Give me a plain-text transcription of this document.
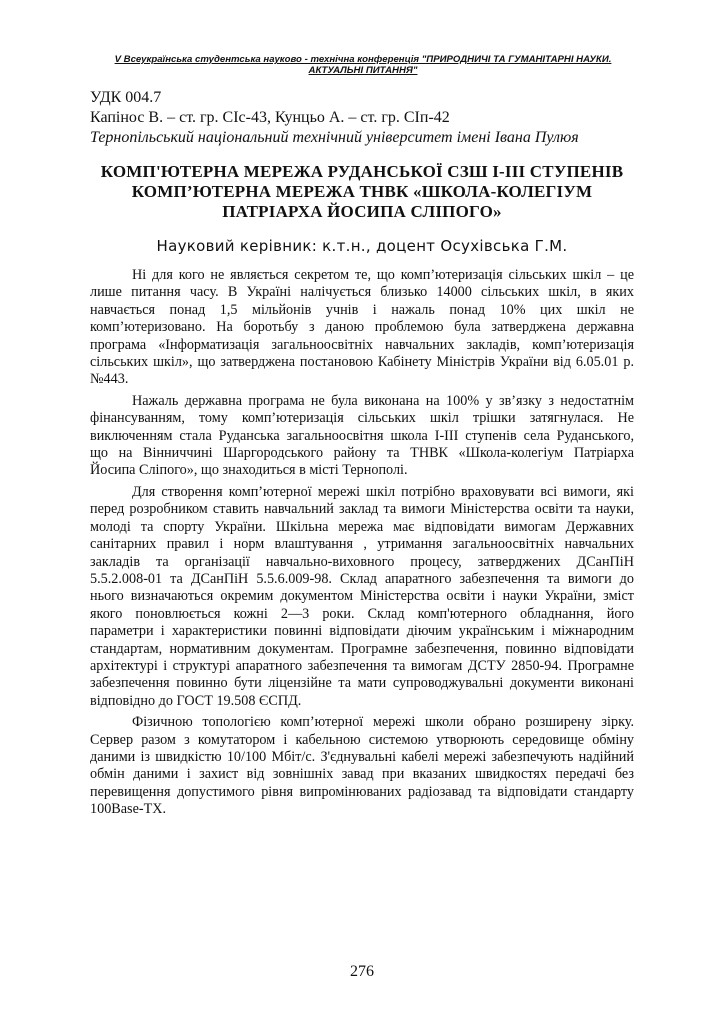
V Всеукраїнська студентська науково - технічна конференція "ПРИРОДНИЧІ ТА ГУМАНІТАРНІ НАУКИ.
АКТУАЛЬНІ ПИТАННЯ"
УДК 004.7
Капінос В. – ст. гр. СІс-43, Кунцьо А. – ст. гр. СІп-42
Тернопільський національний технічний університет імені Івана Пулюя
КОМП'ЮТЕРНА МЕРЕЖА РУДАНСЬКОЇ СЗШ І-ІІІ СТУПЕНІВ
КОМП’ЮТЕРНА МЕРЕЖА ТНВК «ШКОЛА-КОЛЕГІУМ
ПАТРІАРХА ЙОСИПА СЛІПОГО»
Науковий керівник: к.т.н., доцент Осухівська Г.М.
Ні для кого не являється секретом те, що комп’ютеризація сільських шкіл – це
лише питання часу. В Україні налічується близько 14000 сільських шкіл, в яких
навчається понад 1,5 мільйонів учнів і нажаль понад 10% цих шкіл не
комп’ютеризовано. На боротьбу з даною проблемою була затверджена державна
програма «Інформатизація загальноосвітніх навчальних закладів, комп’ютеризація
сільських шкіл», що затверджена постановою Кабінету Міністрів України від 6.05.01 р.
№443.
Нажаль державна програма не була виконана на 100% у зв’язку з недостатнім
фінансуванням, тому комп’ютеризація сільських шкіл трішки затягнулася. Не
виключенням стала Руданська загальноосвітня школа І-ІІІ ступенів села Руданського,
що на Вінниччині Шаргородського району та ТНВК «Школа-колегіум Патріарха
Йосипа Сліпого», що знаходиться в місті Тернополі.
Для створення комп’ютерної мережі шкіл потрібно враховувати всі вимоги, які
перед розробником ставить навчальний заклад та вимоги Міністерства освіти та науки,
молоді та спорту України. Шкільна мережа має відповідати вимогам Державних
санітарних правил і норм влаштування , утримання загальноосвітніх навчальних
закладів та організації навчально-виховного процесу, затверджених ДСанПіН
5.5.2.008-01 та ДСанПіН 5.5.6.009-98. Склад апаратного забезпечення та вимоги до
нього визначаються окремим документом Міністерства освіти і науки України, зміст
якого поновлюється кожні 2—3 роки. Склад комп'ютерного обладнання, його
параметри і характеристики повинні відповідати діючим українським і міжнародним
стандартам, нормативним документам. Програмне забезпечення, повинно відповідати
архітектурі і структурі апаратного забезпечення та вимогам ДСТУ 2850-94. Програмне
забезпечення повинно бути ліцензійне та мати супроводжувальні документи виконані
відповідно до ГОСТ 19.508 ЄСПД.
Фізичною топологією комп’ютерної мережі школи обрано розширену зірку.
Сервер разом з комутатором і кабельною системою утворюють середовище обміну
даними із швидкістю 10/100 Мбіт/с. З'єднувальні кабелі мережі забезпечують надійний
обмін даними і захист від зовнішніх завад при вказаних швидкостях передачі без
перевищення допустимого рівня випромінюваних радіозавад та відповідати стандарту
100Base-TX.
276
